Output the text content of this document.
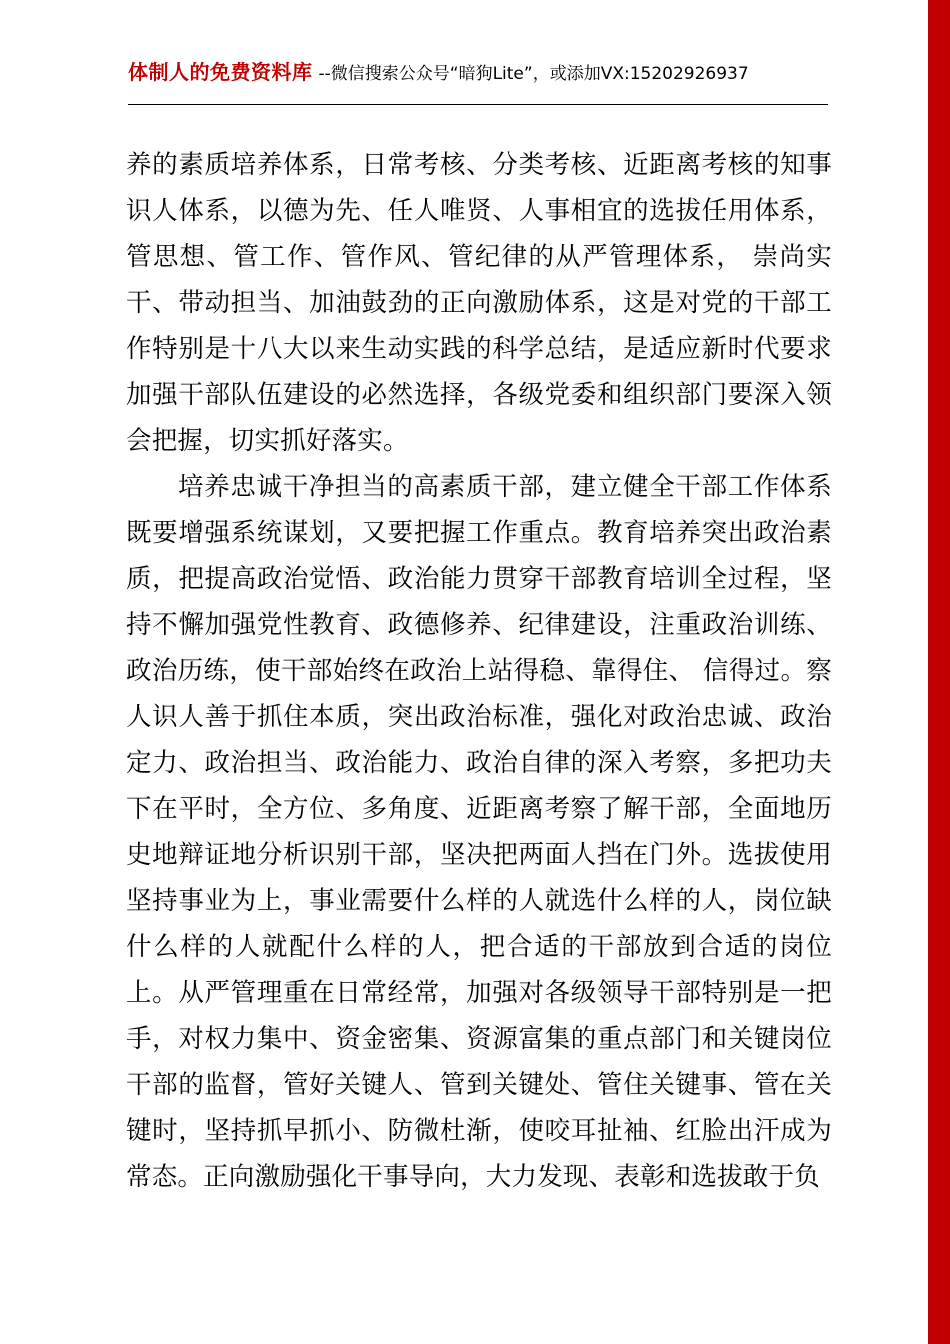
体制人的免费资料库 --微信搜索公众号“暗狗Lite”，或添加VX:15202926937

养的素质培养体系，日常考核、分类考核、近距离考核的知事识人体系，以德为先、任人唯贤、人事相宜的选拔任用体系，管思想、管工作、管作风、管纪律的从严管理体系， 崇尚实干、带动担当、加油鼓劲的正向激励体系，这是对党的干部工作特别是十八大以来生动实践的科学总结，是适应新时代要求加强干部队伍建设的必然选择，各级党委和组织部门要深入领会把握，切实抓好落实。

培养忠诚干净担当的高素质干部，建立健全干部工作体系既要增强系统谋划，又要把握工作重点。教育培养突出政治素质，把提高政治觉悟、政治能力贯穿干部教育培训全过程，坚持不懈加强党性教育、政德修养、纪律建设，注重政治训练、政治历练，使干部始终在政治上站得稳、靠得住、 信得过。察人识人善于抓住本质，突出政治标准，强化对政治忠诚、政治定力、政治担当、政治能力、政治自律的深入考察，多把功夫下在平时，全方位、多角度、近距离考察了解干部，全面地历史地辩证地分析识别干部，坚决把两面人挡在门外。选拔使用坚持事业为上，事业需要什么样的人就选什么样的人，岗位缺什么样的人就配什么样的人，把合适的干部放到合适的岗位上。从严管理重在日常经常，加强对各级领导干部特别是一把手，对权力集中、资金密集、资源富集的重点部门和关键岗位干部的监督，管好关键人、管到关键处、管住关键事、管在关键时，坚持抓早抓小、防微杜渐，使咬耳扯袖、红脸出汗成为常态。正向激励强化干事导向，大力发现、表彰和选拔敢于负
